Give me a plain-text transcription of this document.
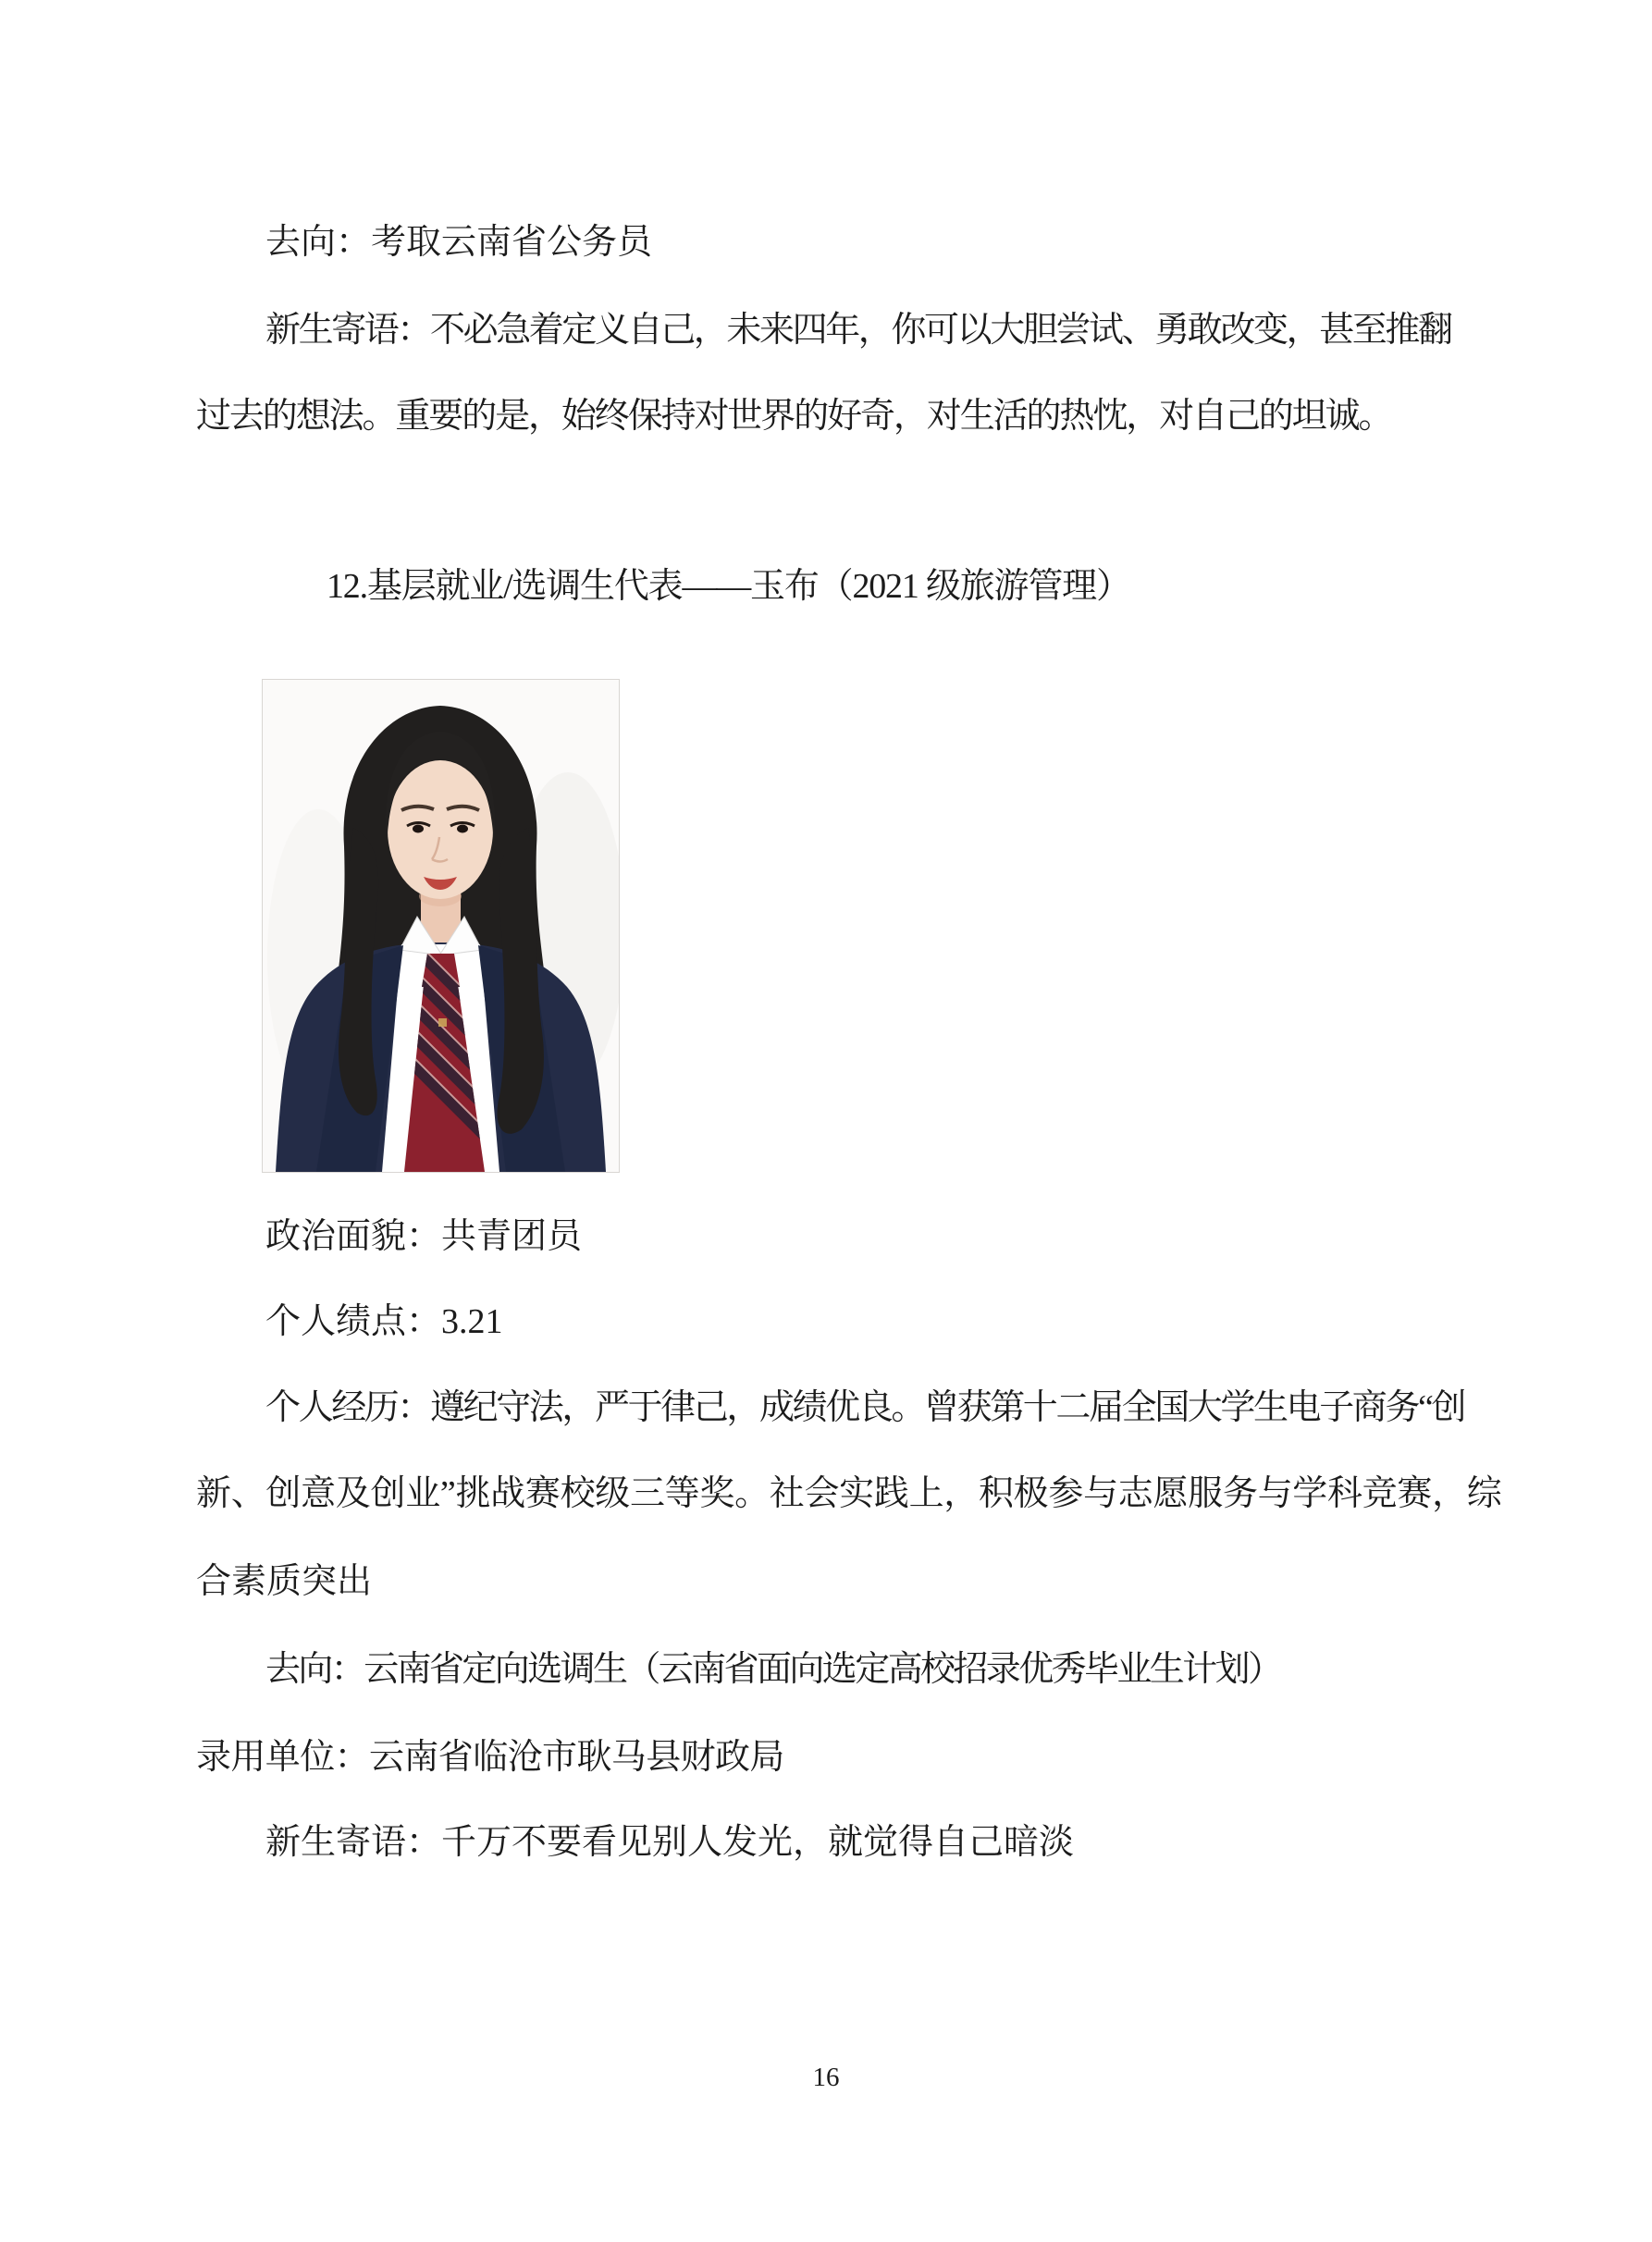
去向：考取云南省公务员
新生寄语：不必急着定义自己，未来四年，你可以大胆尝试、勇敢改变，甚至推翻
过去的想法。重要的是，始终保持对世界的好奇，对生活的热忱，对自己的坦诚。
12.基层就业/选调生代表——玉布（2021 级旅游管理）
政治面貌：共青团员
个人绩点：3.21
个人经历：遵纪守法，严于律己，成绩优良。曾获第十二届全国大学生电子商务“创
新、创意及创业”挑战赛校级三等奖。社会实践上，积极参与志愿服务与学科竞赛，综
合素质突出
去向：云南省定向选调生（云南省面向选定高校招录优秀毕业生计划）
录用单位：云南省临沧市耿马县财政局
新生寄语：千万不要看见别人发光，就觉得自己暗淡
16
